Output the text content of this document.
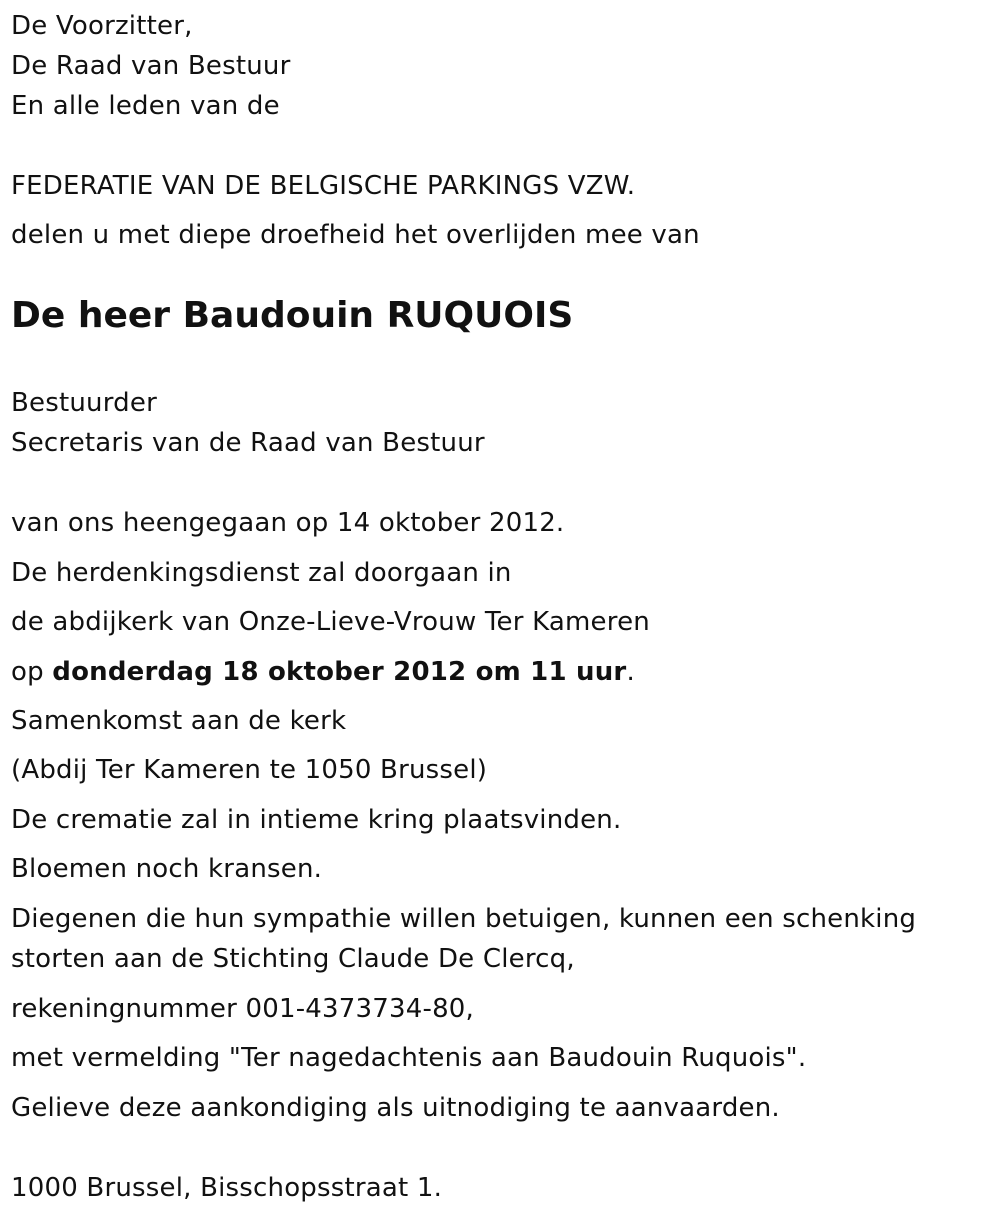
De Voorzitter,
De Raad van Bestuur
En alle leden van de
FEDERATIE VAN DE BELGISCHE PARKINGS VZW.
delen u met diepe droefheid het overlijden mee van
De heer Baudouin RUQUOIS
Bestuurder
Secretaris van de Raad van Bestuur
van ons heengegaan op 14 oktober 2012.
De herdenkingsdienst zal doorgaan in
de abdijkerk van Onze-Lieve-Vrouw Ter Kameren
op donderdag 18 oktober 2012 om 11 uur.
Samenkomst aan de kerk
(Abdij Ter Kameren te 1050 Brussel)
De crematie zal in intieme kring plaatsvinden.
Bloemen noch kransen.
Diegenen die hun sympathie willen betuigen, kunnen een schenking
storten aan de Stichting Claude De Clercq,
rekeningnummer 001-4373734-80,
met vermelding "Ter nagedachtenis aan Baudouin Ruquois".
Gelieve deze aankondiging als uitnodiging te aanvaarden.
1000 Brussel, Bisschopsstraat 1.
